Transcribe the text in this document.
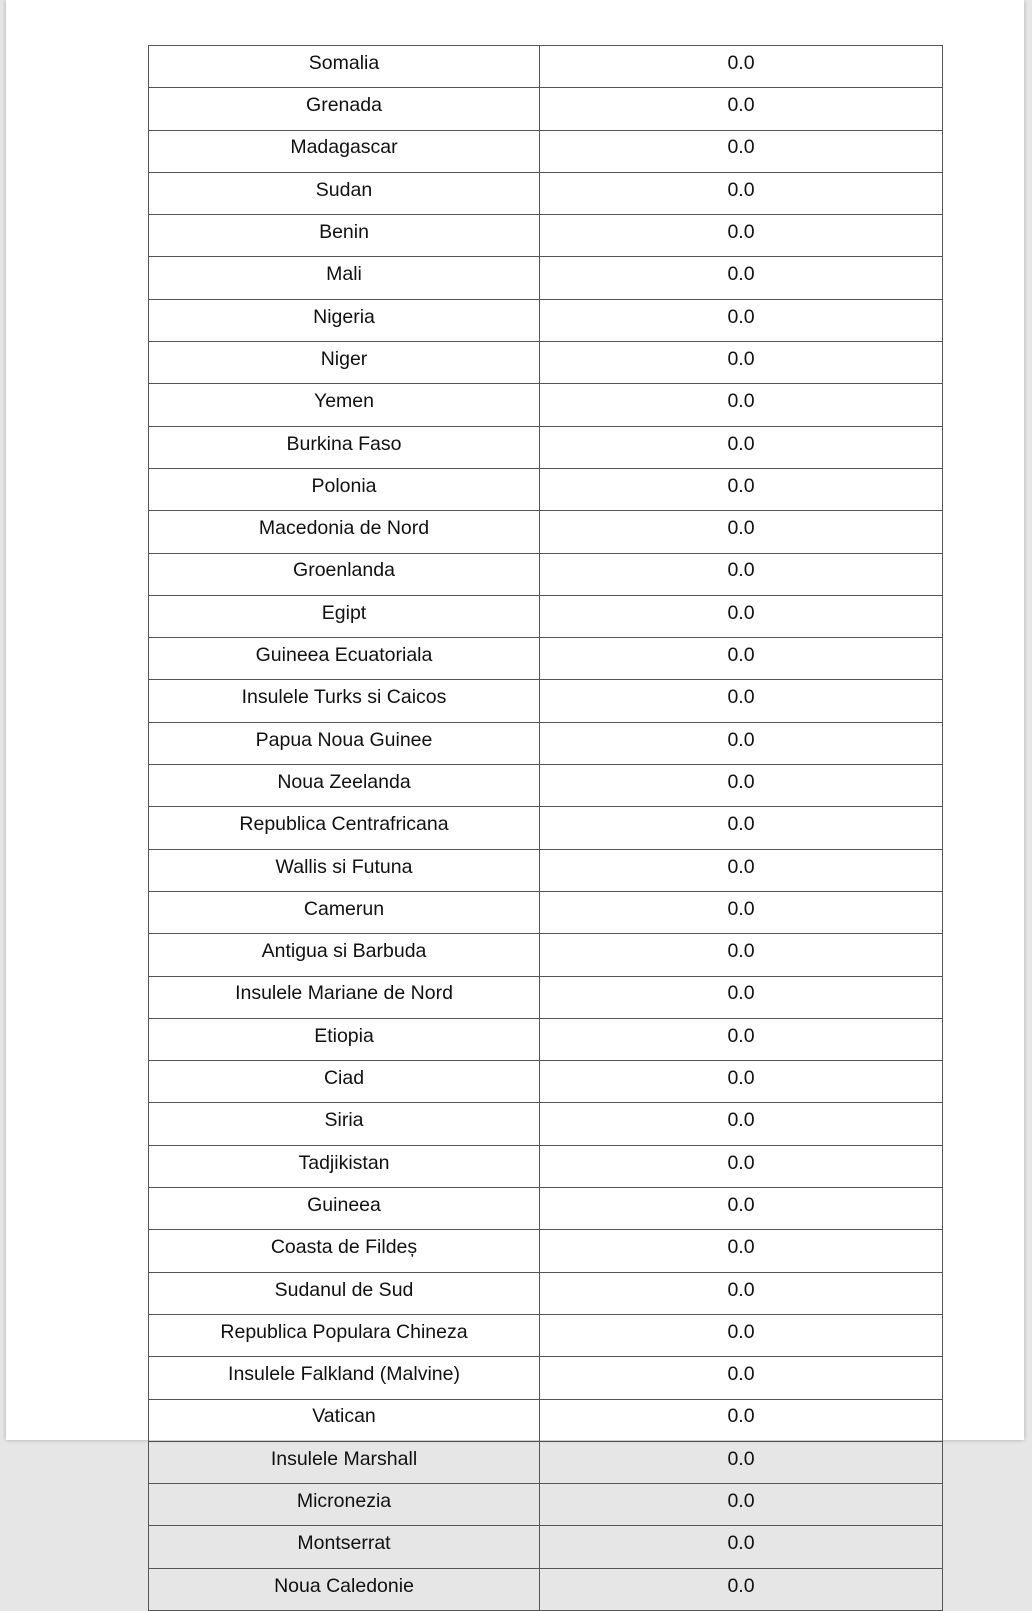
Somalia	0.0
Grenada	0.0
Madagascar	0.0
Sudan	0.0
Benin	0.0
Mali	0.0
Nigeria	0.0
Niger	0.0
Yemen	0.0
Burkina Faso	0.0
Polonia	0.0
Macedonia de Nord	0.0
Groenlanda	0.0
Egipt	0.0
Guineea Ecuatoriala	0.0
Insulele Turks si Caicos	0.0
Papua Noua Guinee	0.0
Noua Zeelanda	0.0
Republica Centrafricana	0.0
Wallis si Futuna	0.0
Camerun	0.0
Antigua si Barbuda	0.0
Insulele Mariane de Nord	0.0
Etiopia	0.0
Ciad	0.0
Siria	0.0
Tadjikistan	0.0
Guineea	0.0
Coasta de Fildeș	0.0
Sudanul de Sud	0.0
Republica Populara Chineza	0.0
Insulele Falkland (Malvine)	0.0
Vatican	0.0
Insulele Marshall	0.0
Micronezia	0.0
Montserrat	0.0
Noua Caledonie	0.0
